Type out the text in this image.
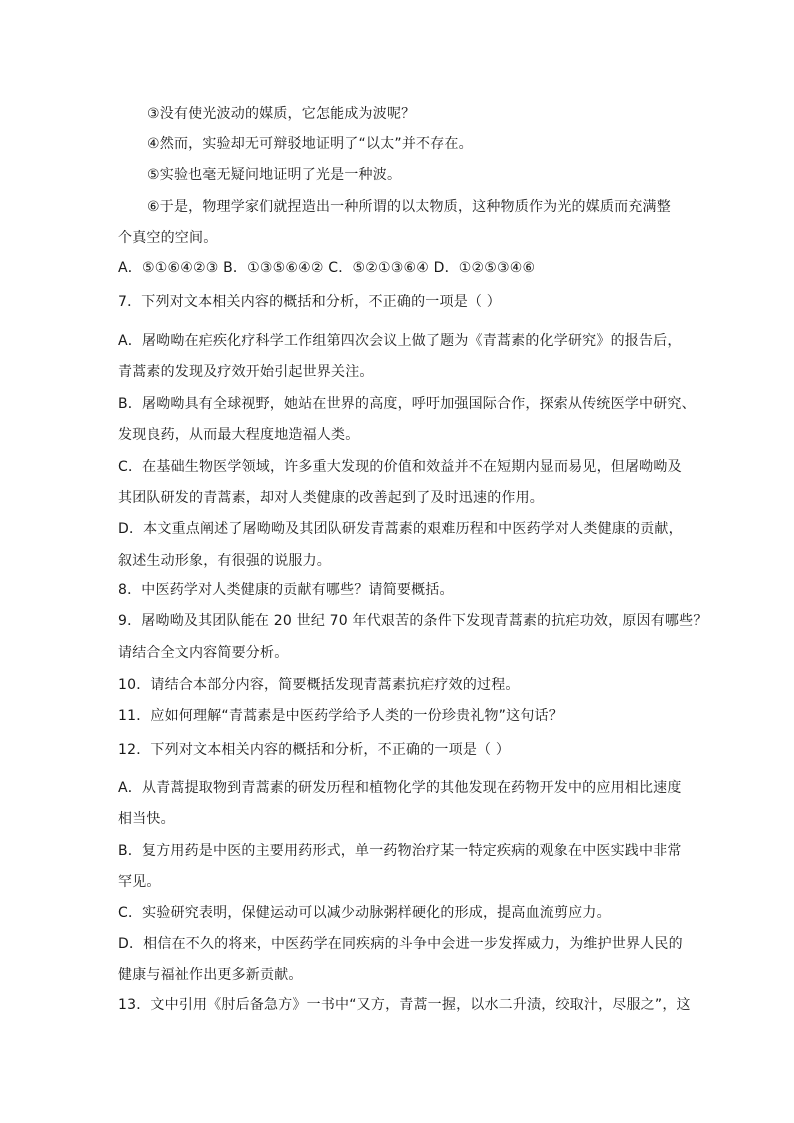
③没有使光波动的媒质，它怎能成为波呢？
④然而，实验却无可辩驳地证明了“以太”并不存在。
⑤实验也毫无疑问地证明了光是一种波。
⑥于是，物理学家们就捏造出一种所谓的以太物质，这种物质作为光的媒质而充满整
个真空的空间。
A．⑤①⑥④②③ B．①③⑤⑥④② C．⑤②①③⑥④ D．①②⑤③④⑥
7．下列对文本相关内容的概括和分析，不正确的一项是（ ）
A．屠呦呦在疟疾化疗科学工作组第四次会议上做了题为《青蒿素的化学研究》的报告后，
青蒿素的发现及疗效开始引起世界关注。
B．屠呦呦具有全球视野，她站在世界的高度，呼吁加强国际合作，探索从传统医学中研究、
发现良药，从而最大程度地造福人类。
C．在基础生物医学领域，许多重大发现的价值和效益并不在短期内显而易见，但屠呦呦及
其团队研发的青蒿素，却对人类健康的改善起到了及时迅速的作用。
D．本文重点阐述了屠呦呦及其团队研发青蒿素的艰难历程和中医药学对人类健康的贡献，
叙述生动形象，有很强的说服力。
8．中医药学对人类健康的贡献有哪些？请简要概括。
9．屠呦呦及其团队能在 20 世纪 70 年代艰苦的条件下发现青蒿素的抗疟功效，原因有哪些？
请结合全文内容简要分析。
10．请结合本部分内容，简要概括发现青蒿素抗疟疗效的过程。
11．应如何理解“青蒿素是中医药学给予人类的一份珍贵礼物”这句话？
12．下列对文本相关内容的概括和分析，不正确的一项是（ ）
A．从青蒿提取物到青蒿素的研发历程和植物化学的其他发现在药物开发中的应用相比速度
相当快。
B．复方用药是中医的主要用药形式，单一药物治疗某一特定疾病的观象在中医实践中非常
罕见。
C．实验研究表明，保健运动可以减少动脉粥样硬化的形成，提高血流剪应力。
D．相信在不久的将来，中医药学在同疾病的斗争中会进一步发挥威力，为维护世界人民的
健康与福祉作出更多新贡献。
13．文中引用《肘后备急方》一书中“又方，青蒿一握，以水二升渍，绞取汁，尽服之”，这
